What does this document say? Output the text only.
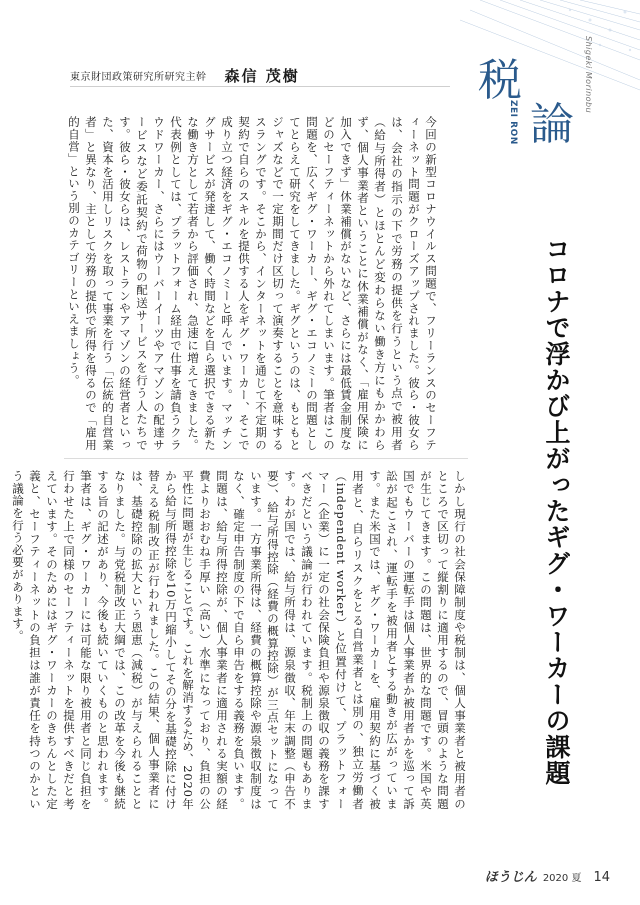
東京財団政策研究所研究主幹 森信 茂樹	税
論
Shigeki Morinobu
ZEI RON
コロナで浮かび上がったギグ・ワーカーの課題
今回の新型コロナウイルス問題で、フリーランスのセーフティーネット問題がクローズアップされました。彼ら・彼女らは、会社の指示の下で労務の提供を行うという点で被用者（給与所得者）とほとんど変わらない働き方にもかかわらず、個人事業者ということに休業補償がなく、「雇用保険に加入できず」休業補償がないなど、さらには最低賃金制度などのセーフティーネットから外れてしまいます。筆者はこの問題を、広くギグ・ワーカー、ギグ・エコノミーの問題としてとらえて研究をしてきました。ギグというのは、もともとジャズなどで一定期間だけ区切って演奏することを意味するスラングです。そこから、インターネットを通じて不定期の契約で自らのスキルを提供する人をギグ・ワーカー、そこで成り立つ経済をギグ・エコノミーと呼んでいます。マッチングサービスが発達して、働く時間などを自ら選択できる新たな働き方として若者から評価され、急速に増えてきました。代表例としては、プラットフォーム経由で仕事を請負うクラウドワーカー、さらにはウーバーイーツやアマゾンの配達サービスなど委託契約で荷物の配送サービスを行う人たちです。彼ら・彼女らは、レストランやアマゾンの経営者といった、資本を活用しリスクを取って事業を行う「伝統的自営業者」と異なり、主として労務の提供で所得を得るので「雇用的自営」という別のカテゴリーといえましょう。
しかし現行の社会保障制度や税制は、個人事業者と被用者のところで区切って縦割りに適用するので、冒頭のような問題が生じてきます。この問題は、世界的な問題です。米国や英国でもウーバーの運転手は個人事業者か被用者かを巡って訴訟が起こされ、運転手を被用者とする動きが広がっています。また米国では、ギグ・ワーカーを、雇用契約に基づく被用者と、自らリスクをとる自営業者とは別の、独立労働者（independent worker）と位置付けて、プラットフォーマー（企業）に一定の社会保険負担や源泉徴収の義務を課すべきだという議論が行われています。税制上の問題もあります。わが国では、給与所得は、源泉徴収、年末調整（申告不要）、給与所得控除（経費の概算控除）が三点セットになっています。一方事業所得は、経費の概算控除や源泉徴収制度はなく、確定申告制度の下で自ら申告をする義務を負います。問題は、給与所得控除が、個人事業者に適用される実額の経費よりおおむね手厚い（高い）水準になっており、負担の公平性に問題が生じることです。これを解消するため、2020年から給与所得控除を10万円縮小してその分を基礎控除に付け替える税制改正が行われました。この結果、個人事業者には、基礎控除の拡大という恩恵（減税）が与えられることとなりました。与党税制改正大綱では、この改革を今後も継続する旨の記述があり、今後も続いていくものと思われます。筆者は、ギグ・ワーカーには可能な限り被用者と同じ負担を行わせた上で同様のセーフティーネットを提供すべきだと考えています。そのためにはギグ・ワーカーのきちんとした定義と、セーフティーネットの負担は誰が責任を持つのかという議論を行う必要があります。
ほうじん 2020 夏 14
